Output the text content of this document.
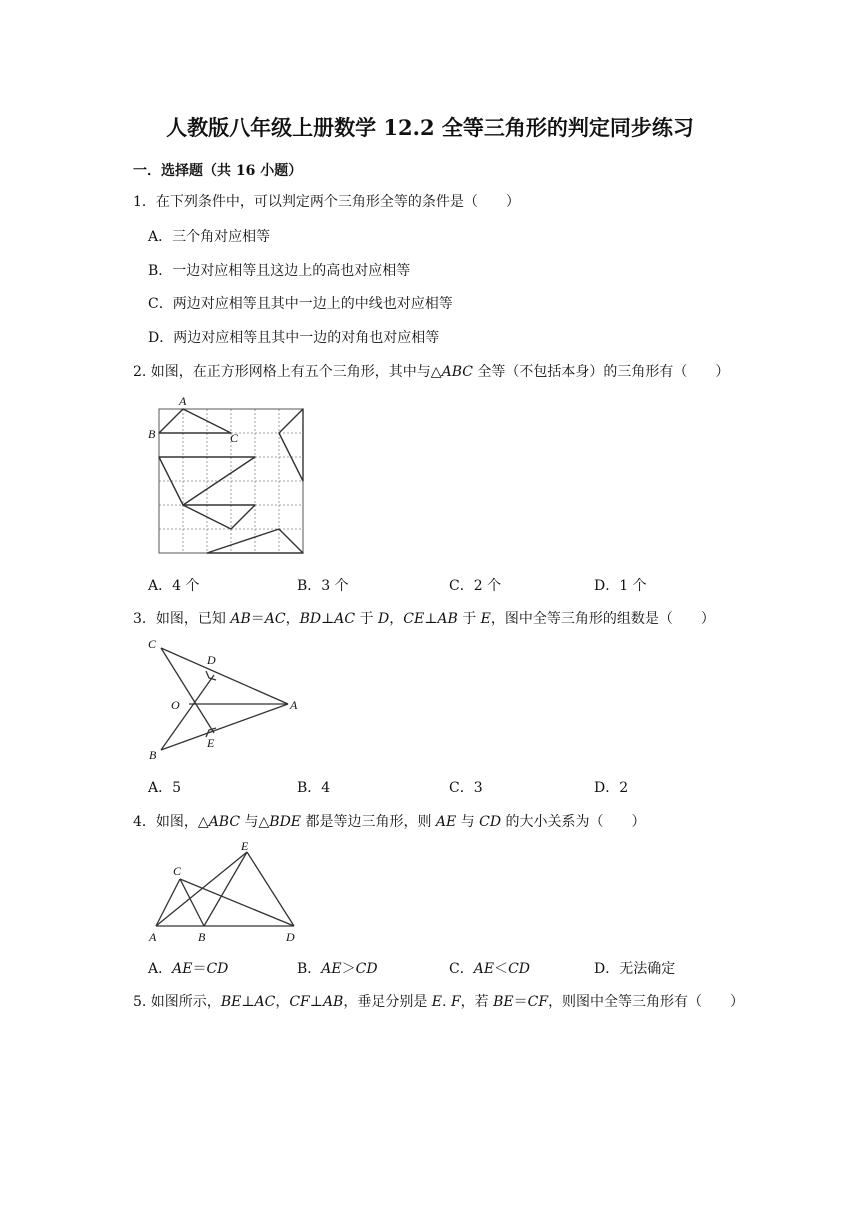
人教版八年级上册数学 12.2 全等三角形的判定同步练习
一．选择题（共 16 小题）
1．在下列条件中，可以判定两个三角形全等的条件是（　　）
A．三个角对应相等
B．一边对应相等且这边上的高也对应相等
C．两边对应相等且其中一边上的中线也对应相等
D．两边对应相等且其中一边的对角也对应相等
2. 如图，在正方形网格上有五个三角形，其中与△ABC 全等（不包括本身）的三角形有（　　）
A
B	C
A．4 个	B．3 个	C．2 个	D．1 个
3．如图，已知 AB＝AC，BD⊥AC 于 D，CE⊥AB 于 E，图中全等三角形的组数是（　　）
C
D
O	A
B
E
A．5	B．4	C．3	D．2
4．如图，△ABC 与△BDE 都是等边三角形，则 AE 与 CD 的大小关系为（　　）
E
C
A	B	D
A．AE＝CD	B．AE＞CD	C．AE＜CD	D．无法确定
5. 如图所示，BE⊥AC，CF⊥AB，垂足分别是 E. F，若 BE＝CF，则图中全等三角形有（　　）
